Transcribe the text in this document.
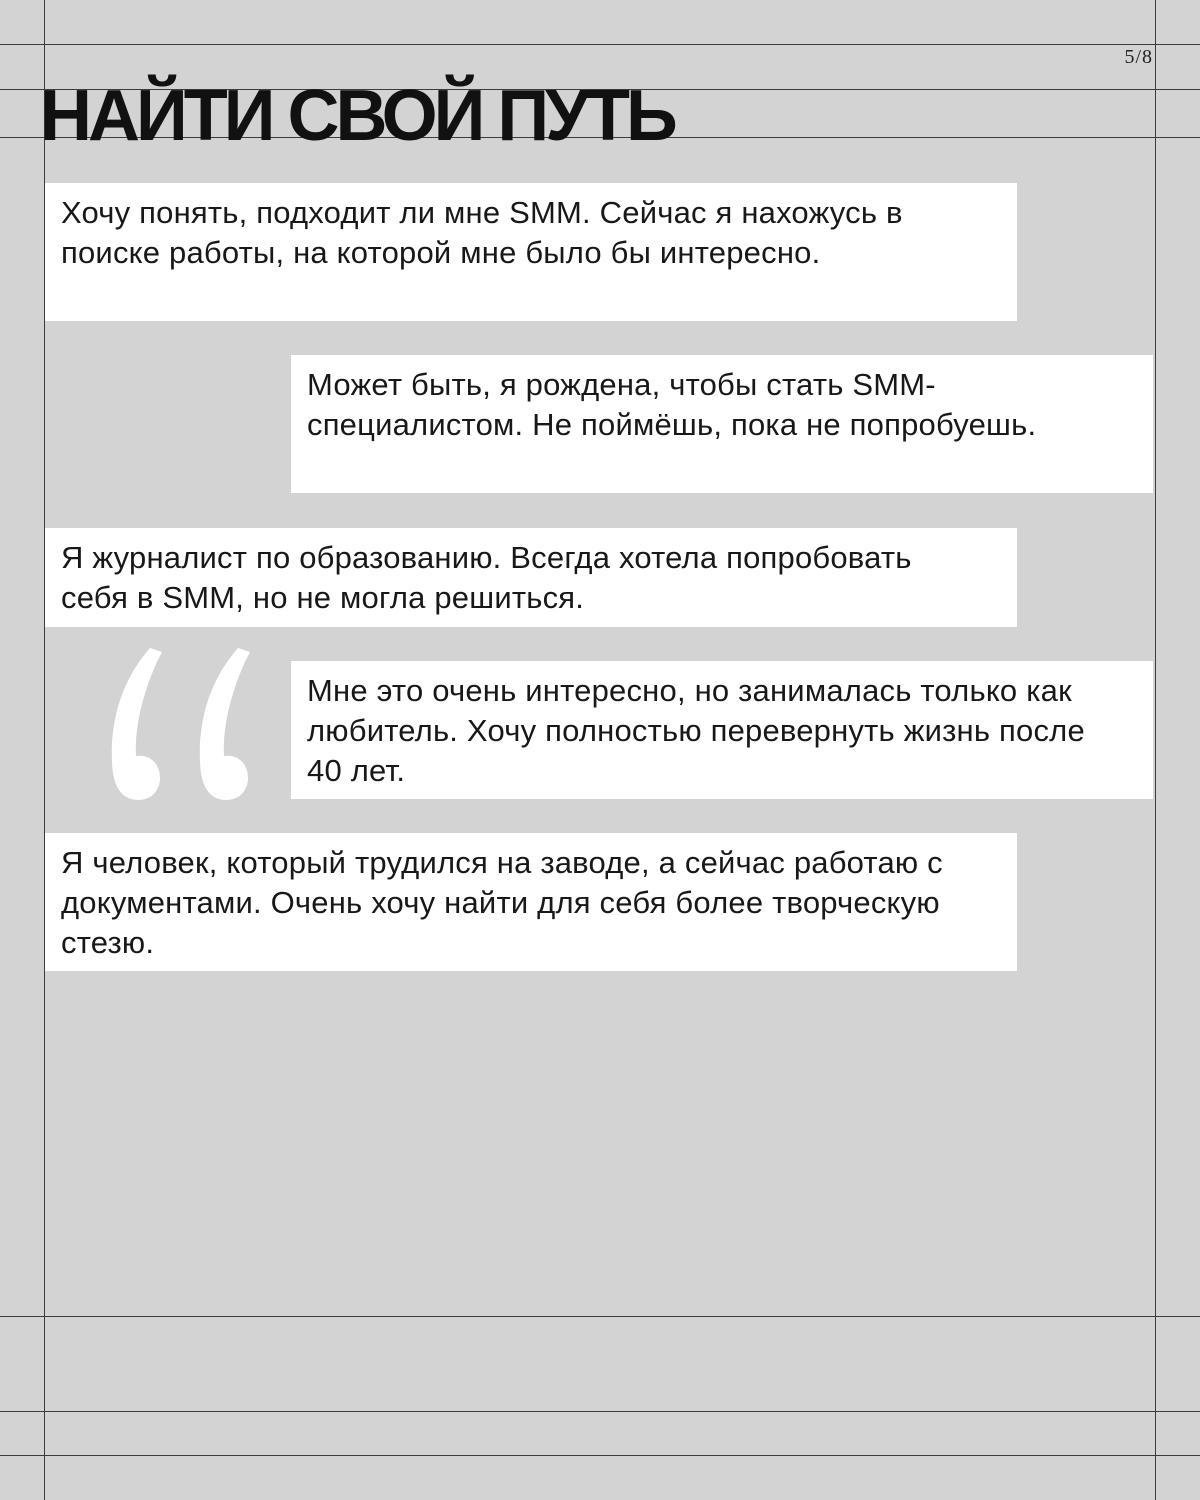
5/8
НАЙТИ СВОЙ ПУТЬ
Хочу понять, подходит ли мне SMM. Сейчас я нахожусь в поиске работы, на которой мне было бы интересно.
Может быть, я рождена, чтобы стать SMM-специалистом. Не поймёшь, пока не попробуешь.
Я журналист по образованию. Всегда хотела попробовать себя в SMM, но не могла решиться.
Мне это очень интересно, но занималась только как любитель. Хочу полностью перевернуть жизнь после 40 лет.
Я человек, который трудился на заводе, а сейчас работаю с документами. Очень хочу найти для себя более творческую стезю.
